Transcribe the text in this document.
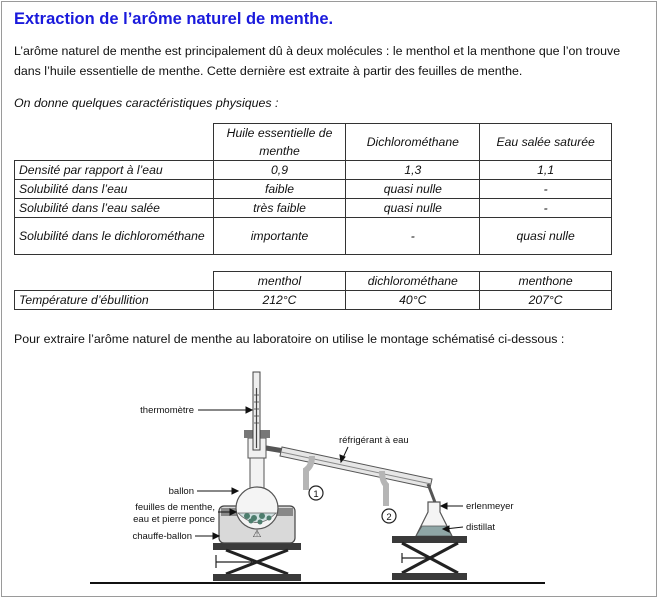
Extraction de l’arôme naturel de menthe.
L’arôme naturel de menthe est principalement dû à deux molécules : le menthol et la menthone que l’on trouve
dans l’huile essentielle de menthe. Cette dernière est extraite à partir des feuilles de menthe.
On donne quelques caractéristiques physiques :
	Huile essentielle de menthe	Dichlorométhane	Eau salée saturée
Densité par rapport à l’eau	0,9	1,3	1,1
Solubilité dans l’eau	faible	quasi nulle	-
Solubilité dans l’eau salée	très faible	quasi nulle	-
Solubilité dans le dichlorométhane	importante	-	quasi nulle
	menthol	dichlorométhane	menthone
Température d’ébullition	212°C	40°C	207°C
Pour extraire l’arôme naturel de menthe au laboratoire on utilise le montage schématisé ci-dessous :
⚠
1
2
thermomètre
réfrigérant à eau
ballon
feuilles de menthe,
eau et pierre ponce
chauffe-ballon
erlenmeyer
distillat
